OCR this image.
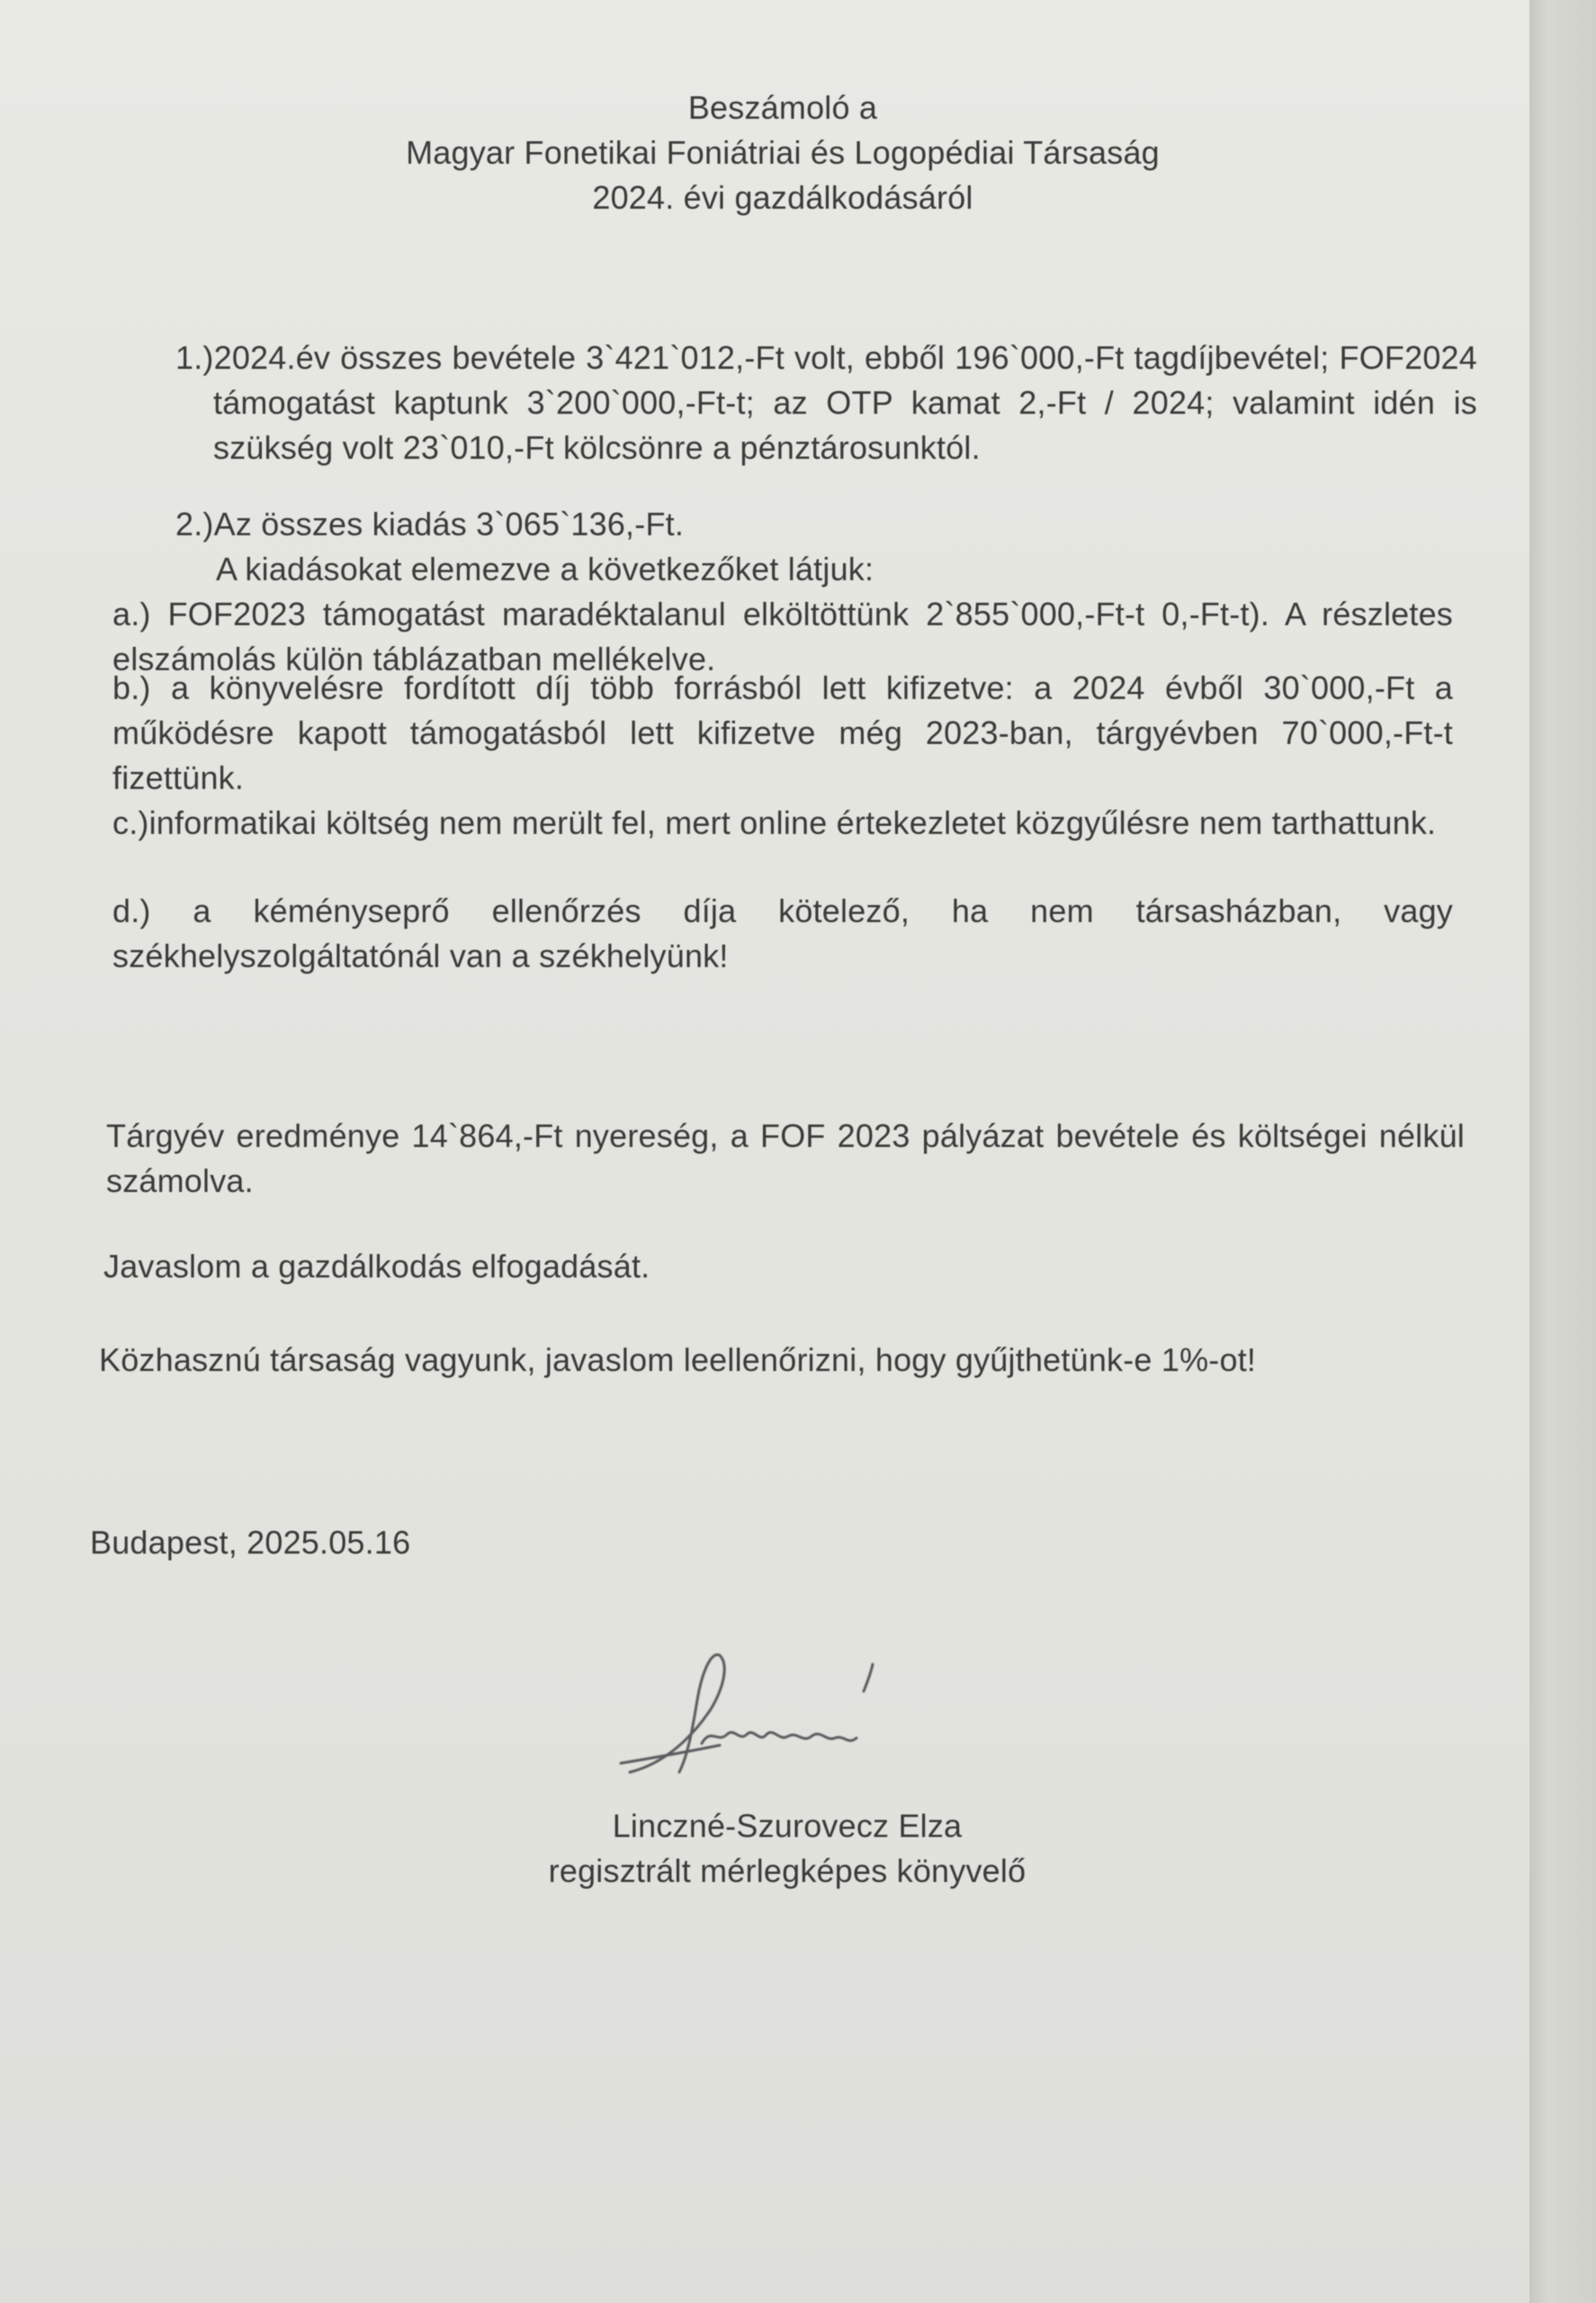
Beszámoló a
Magyar Fonetikai Foniátriai és Logopédiai Társaság
2024. évi gazdálkodásáról
1.)2024.év összes bevétele 3`421`012,-Ft volt, ebből 196`000,-Ft tagdíjbevétel; FOF2024 támogatást kaptunk 3`200`000,-Ft-t; az OTP kamat 2,-Ft / 2024; valamint idén is szükség volt 23`010,-Ft kölcsönre a pénztárosunktól.
2.)Az összes kiadás 3`065`136,-Ft.
A kiadásokat elemezve a következőket látjuk:
a.) FOF2023 támogatást maradéktalanul elköltöttünk 2`855`000,-Ft-t 0,-Ft-t). A részletes elszámolás külön táblázatban mellékelve.
b.) a könyvelésre fordított díj több forrásból lett kifizetve: a 2024 évből 30`000,-Ft a működésre kapott támogatásból lett kifizetve még 2023-ban, tárgyévben 70`000,-Ft-t fizettünk.
c.)informatikai költség nem merült fel, mert online értekezletet közgyűlésre nem tarthattunk.
d.) a kéményseprő ellenőrzés díja kötelező, ha nem társasházban, vagy székhelyszolgáltatónál van a székhelyünk!
Tárgyév eredménye 14`864,-Ft nyereség, a FOF 2023 pályázat bevétele és költségei nélkül számolva.
Javaslom a gazdálkodás elfogadását.
Közhasznú társaság vagyunk, javaslom leellenőrizni, hogy gyűjthetünk-e 1%-ot!
Budapest, 2025.05.16
Linczné-Szurovecz Elza
regisztrált mérlegképes könyvelő
